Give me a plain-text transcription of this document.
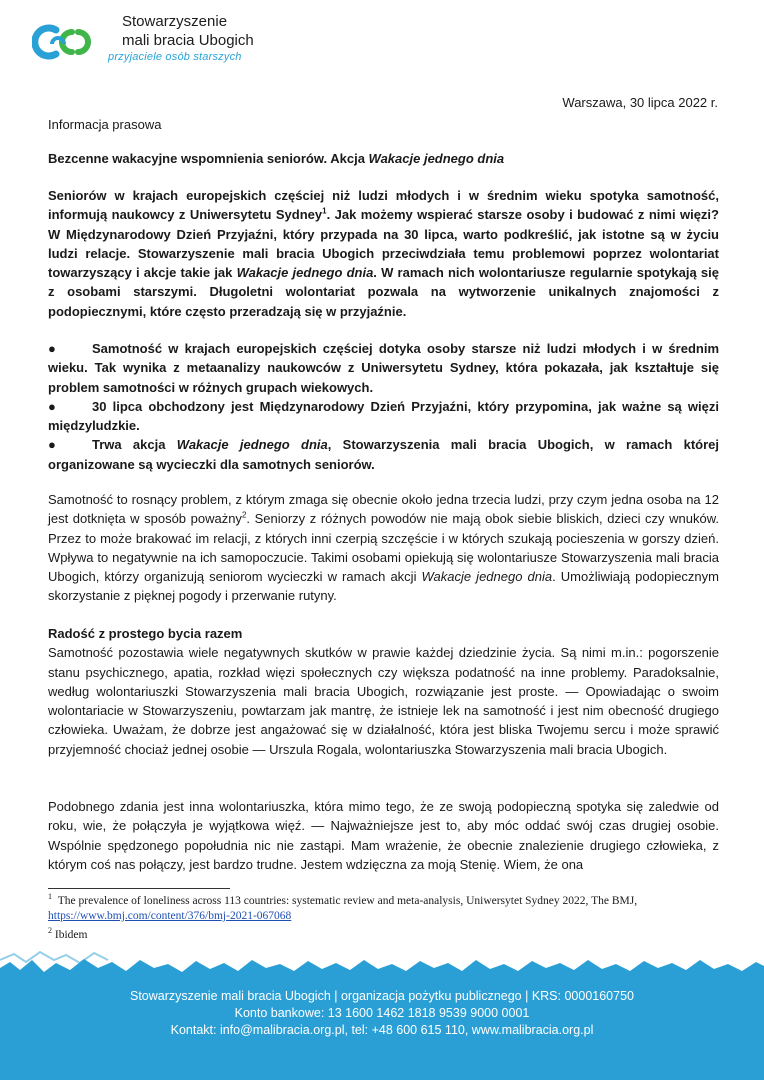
Stowarzyszenie
mali bracia Ubogich
przyjaciele osób starszych
Warszawa, 30 lipca 2022 r.
Informacja prasowa
Bezcenne wakacyjne wspomnienia seniorów. Akcja Wakacje jednego dnia

Seniorów w krajach europejskich częściej niż ludzi młodych i w średnim wieku spotyka samotność, informują naukowcy z Uniwersytetu Sydney$^1$. Jak możemy wspierać starsze osoby i budować z nimi więzi? W Międzynarodowy Dzień Przyjaźni, który przypada na 30 lipca, warto podkreślić, jak istotne są w życiu ludzi relacje. Stowarzyszenie mali bracia Ubogich przeciwdziała temu problemowi poprzez wolontariat towarzyszący i akcje takie jak Wakacje jednego dnia. W ramach nich wolontariusze regularnie spotykają się z osobami starszymi. Długoletni wolontariat pozwala na wytworzenie unikalnych znajomości z podopiecznymi, które często przeradzają się w przyjaźnie.

●	Samotność w krajach europejskich częściej dotyka osoby starsze niż ludzi młodych i w średnim wieku. Tak wynika z metaanalizy naukowców z Uniwersytetu Sydney, która pokazała, jak kształtuje się problem samotności w różnych grupach wiekowych.

●	30 lipca obchodzony jest Międzynarodowy Dzień Przyjaźni, który przypomina, jak ważne są więzi międzyludzkie.

●	Trwa akcja Wakacje jednego dnia, Stowarzyszenia mali bracia Ubogich, w ramach której organizowane są wycieczki dla samotnych seniorów.

Samotność to rosnący problem, z którym zmaga się obecnie około jedna trzecia ludzi, przy czym jedna osoba na 12 jest dotknięta w sposób poważny$^2$. Seniorzy z różnych powodów nie mają obok siebie bliskich, dzieci czy wnuków. Przez to może brakować im relacji, z których inni czerpią szczęście i w których szukają pocieszenia w gorszy dzień. Wpływa to negatywnie na ich samopoczucie. Takimi osobami opiekują się wolontariusze Stowarzyszenia mali bracia Ubogich, którzy organizują seniorom wycieczki w ramach akcji Wakacje jednego dnia. Umożliwiają podopiecznym skorzystanie z pięknej pogody i przerwanie rutyny.

Radość z prostego bycia razem

Samotność pozostawia wiele negatywnych skutków w prawie każdej dziedzinie życia. Są nimi m.in.: pogorszenie stanu psychicznego, apatia, rozkład więzi społecznych czy większa podatność na inne problemy. Paradoksalnie, według wolontariuszki Stowarzyszenia mali bracia Ubogich, rozwiązanie jest proste. — Opowiadając o swoim wolontariacie w Stowarzyszeniu, powtarzam jak mantrę, że istnieje lek na samotność i jest nim obecność drugiego człowieka. Uważam, że dobrze jest angażować się w działalność, która jest bliska Twojemu sercu i może sprawić przyjemność chociaż jednej osobie — Urszula Rogala, wolontariuszka Stowarzyszenia mali bracia Ubogich.

Podobnego zdania jest inna wolontariuszka, która mimo tego, że ze swoją podopieczną spotyka się zaledwie od roku, wie, że połączyła je wyjątkowa więź. — Najważniejsze jest to, aby móc oddać swój czas drugiej osobie. Wspólnie spędzonego popołudnia nic nie zastąpi. Mam wrażenie, że obecnie znalezienie drugiego człowieka, z którym coś nas połączy, jest bardzo trudne. Jestem wdzięczna za moją Stenię. Wiem, że ona
$^1$ The prevalence of loneliness across 113 countries: systematic review and meta-analysis, Uniwersytet Sydney 2022, The BMJ,
https://www.bmj.com/content/376/bmj-2021-067068
$^2$ Ibidem
Stowarzyszenie mali bracia Ubogich | organizacja pożytku publicznego | KRS: 0000160750
Konto bankowe: 13 1600 1462 1818 9539 9000 0001
Kontakt: info@malibracia.org.pl, tel: +48 600 615 110, www.malibracia.org.pl
